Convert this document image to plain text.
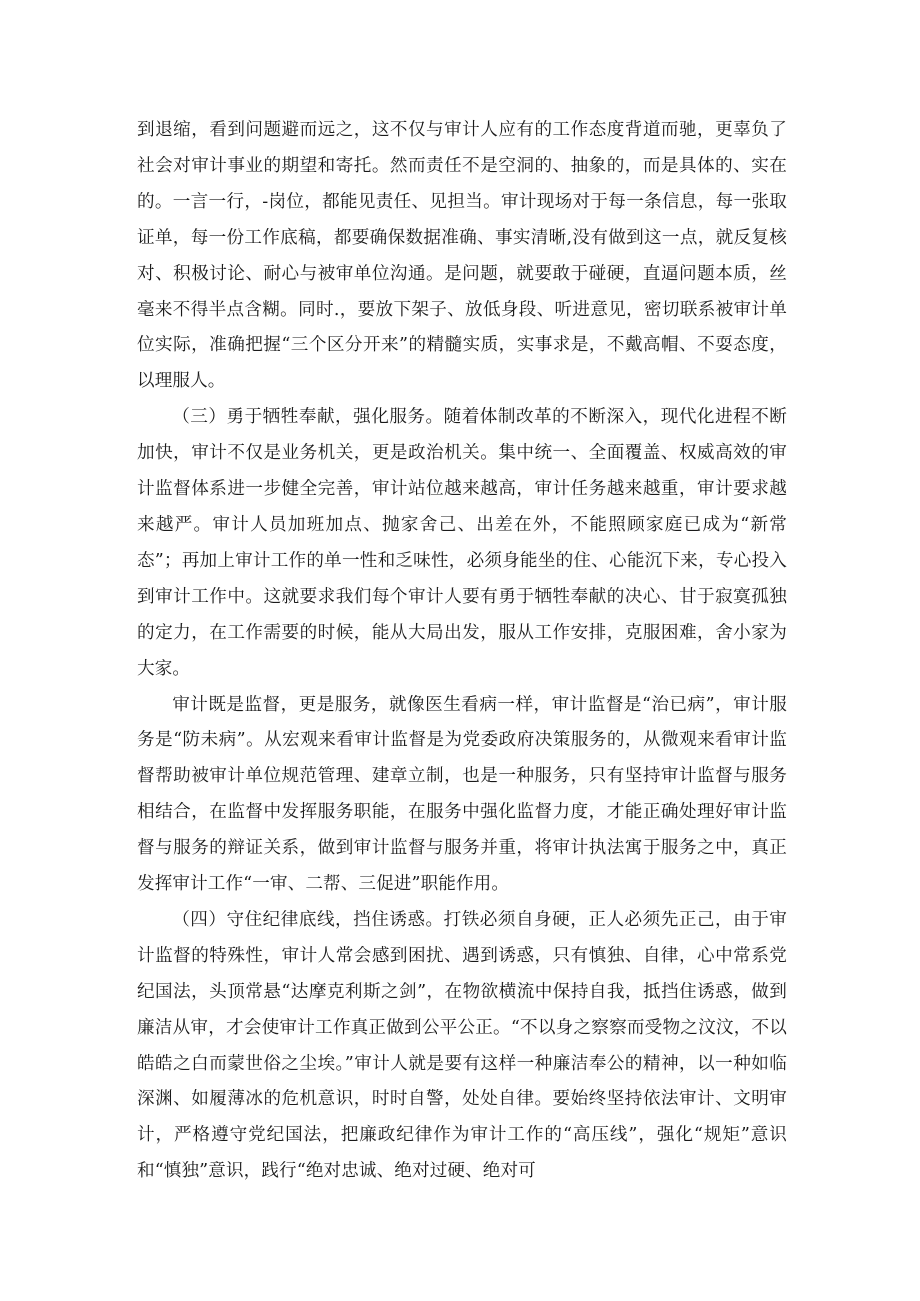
到退缩，看到问题避而远之，这不仅与审计人应有的工作态度背道而驰，更辜负了社会对审计事业的期望和寄托。然而责任不是空洞的、抽象的，而是具体的、实在的。一言一行，-岗位，都能见责任、见担当。审计现场对于每一条信息，每一张取证单，每一份工作底稿，都要确保数据准确、事实清晰,没有做到这一点，就反复核对、积极讨论、耐心与被审单位沟通。是问题，就要敢于碰硬，直逼问题本质，丝毫来不得半点含糊。同时.，要放下架子、放低身段、听进意见，密切联系被审计单位实际，准确把握“三个区分开来”的精髓实质，实事求是，不戴高帽、不耍态度，以理服人。

（三）勇于牺牲奉献，强化服务。随着体制改革的不断深入，现代化进程不断加快，审计不仅是业务机关，更是政治机关。集中统一、全面覆盖、权威高效的审计监督体系进一步健全完善，审计站位越来越高，审计任务越来越重，审计要求越来越严。审计人员加班加点、抛家舍己、出差在外，不能照顾家庭已成为“新常态”；再加上审计工作的单一性和乏味性，必须身能坐的住、心能沉下来，专心投入到审计工作中。这就要求我们每个审计人要有勇于牺牲奉献的决心、甘于寂寞孤独的定力，在工作需要的时候，能从大局出发，服从工作安排，克服困难，舍小家为大家。

审计既是监督，更是服务，就像医生看病一样，审计监督是“治已病”，审计服务是“防未病”。从宏观来看审计监督是为党委政府决策服务的，从微观来看审计监督帮助被审计单位规范管理、建章立制，也是一种服务，只有坚持审计监督与服务相结合，在监督中发挥服务职能，在服务中强化监督力度，才能正确处理好审计监督与服务的辩证关系，做到审计监督与服务并重，将审计执法寓于服务之中，真正发挥审计工作“一审、二帮、三促进”职能作用。

（四）守住纪律底线，挡住诱惑。打铁必须自身硬，正人必须先正己，由于审计监督的特殊性，审计人常会感到困扰、遇到诱惑，只有慎独、自律，心中常系党纪国法，头顶常悬“达摩克利斯之剑”，在物欲横流中保持自我，抵挡住诱惑，做到廉洁从审，才会使审计工作真正做到公平公正。“不以身之察察而受物之汶汶，不以皓皓之白而蒙世俗之尘埃。”审计人就是要有这样一种廉洁奉公的精神，以一种如临深渊、如履薄冰的危机意识，时时自警，处处自律。要始终坚持依法审计、文明审计，严格遵守党纪国法，把廉政纪律作为审计工作的“高压线”，强化“规矩”意识和“慎独”意识，践行“绝对忠诚、绝对过硬、绝对可
